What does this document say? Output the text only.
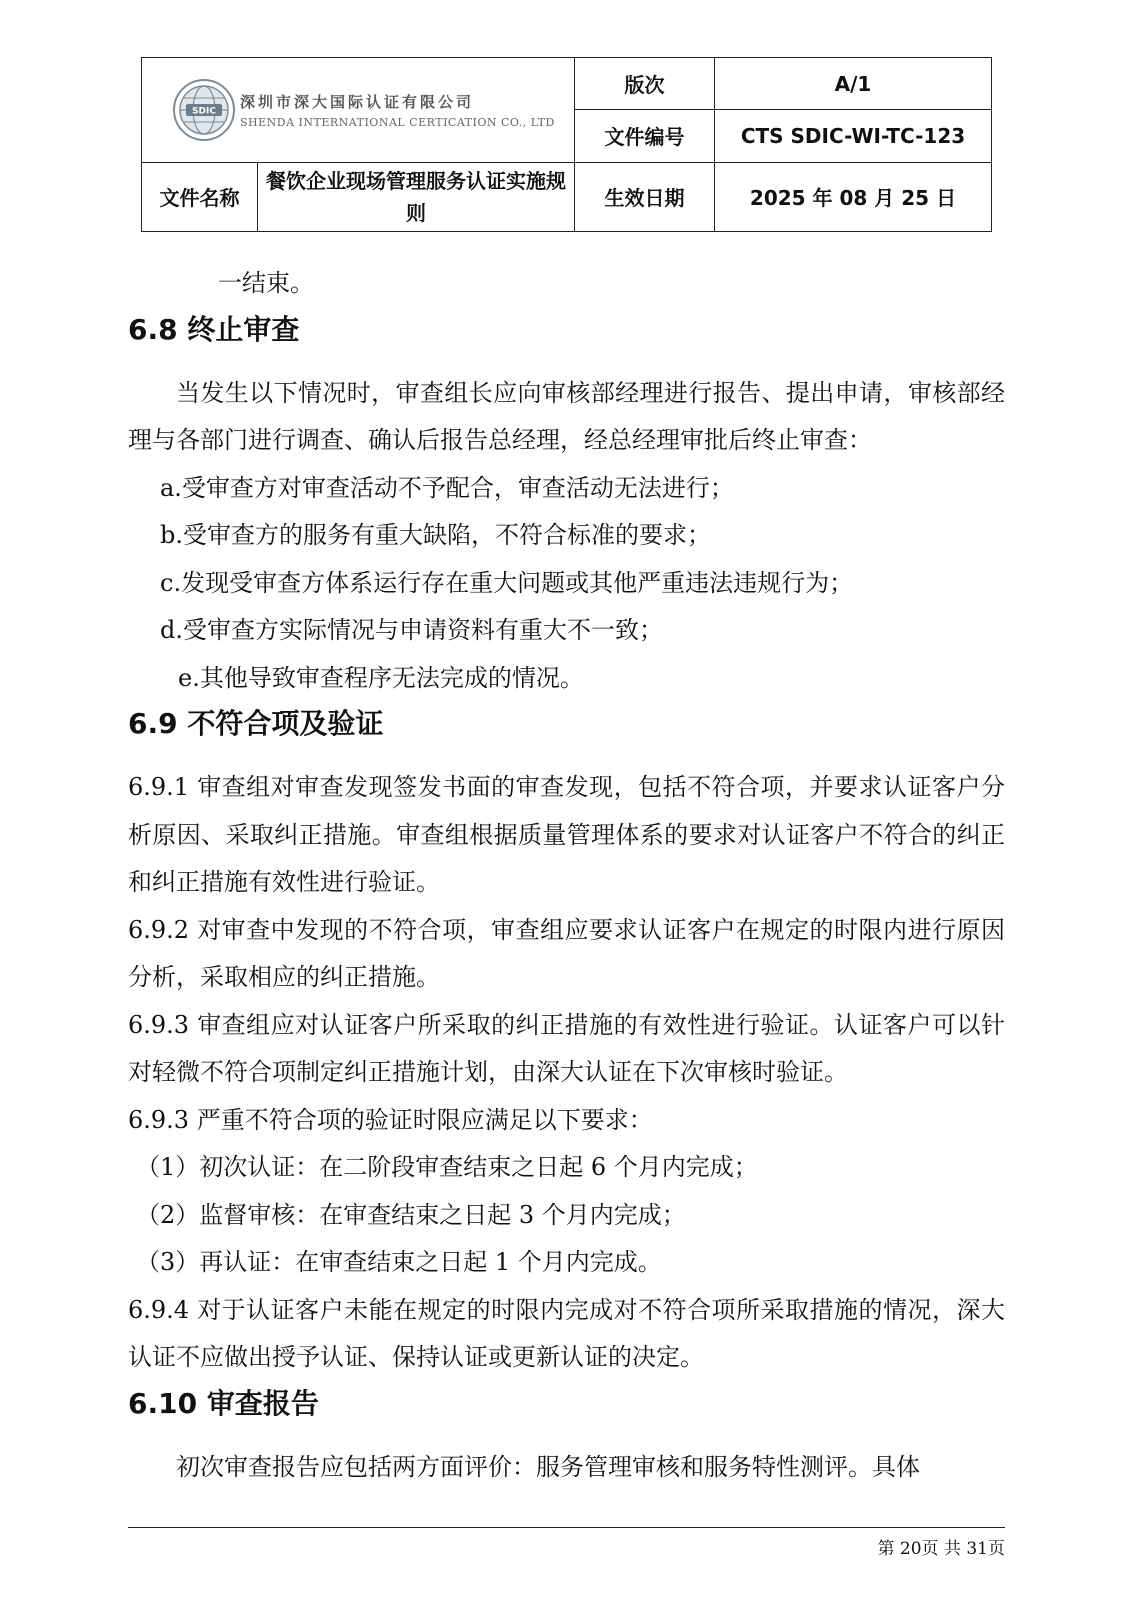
SDIC
深圳市深大国际认证有限公司
SHENDA INTERNATIONAL CERTICATION CO., LTD		版次	A/1
		文件编号	CTS SDIC-WI-TC-123
文件名称	餐饮企业现场管理服务认证实施规则	生效日期	2025 年 08 月 25 日

一结束。

6.8 终止审查

当发生以下情况时，审查组长应向审核部经理进行报告、提出申请，审核部经理与各部门进行调查、确认后报告总经理，经总经理审批后终止审查：

a.受审查方对审查活动不予配合，审查活动无法进行；

b.受审查方的服务有重大缺陷，不符合标准的要求；

c.发现受审查方体系运行存在重大问题或其他严重违法违规行为；

d.受审查方实际情况与申请资料有重大不一致；

e.其他导致审查程序无法完成的情况。

6.9 不符合项及验证

6.9.1 审查组对审查发现签发书面的审查发现，包括不符合项，并要求认证客户分析原因、采取纠正措施。审查组根据质量管理体系的要求对认证客户不符合的纠正和纠正措施有效性进行验证。

6.9.2 对审查中发现的不符合项，审查组应要求认证客户在规定的时限内进行原因分析，采取相应的纠正措施。

6.9.3 审查组应对认证客户所采取的纠正措施的有效性进行验证。认证客户可以针对轻微不符合项制定纠正措施计划，由深大认证在下次审核时验证。

6.9.3 严重不符合项的验证时限应满足以下要求：

（1）初次认证：在二阶段审查结束之日起 6 个月内完成；

（2）监督审核：在审查结束之日起 3 个月内完成；

（3）再认证：在审查结束之日起 1 个月内完成。

6.9.4 对于认证客户未能在规定的时限内完成对不符合项所采取措施的情况，深大认证不应做出授予认证、保持认证或更新认证的决定。

6.10 审查报告

初次审查报告应包括两方面评价：服务管理审核和服务特性测评。具体

第 20页 共 31页
